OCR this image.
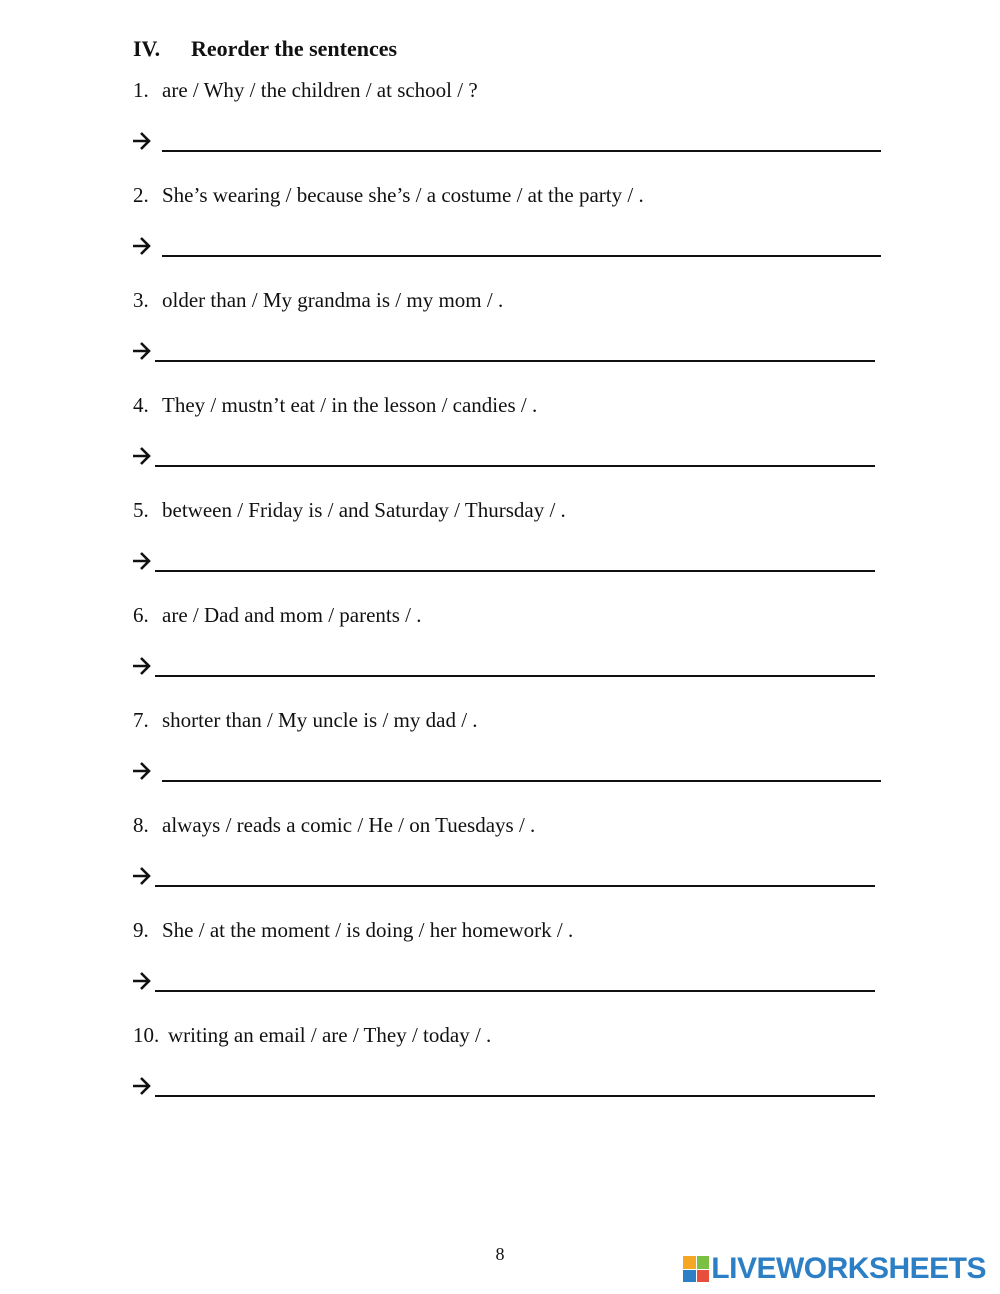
IV. Reorder the sentences
1. are / Why / the children / at school / ?
2. She’s wearing / because she’s / a costume / at the party / .
3. older than / My grandma is / my mom / .
4. They / mustn’t eat / in the lesson / candies / .
5. between / Friday is / and Saturday / Thursday / .
6. are / Dad and mom / parents / .
7. shorter than / My uncle is / my dad / .
8. always / reads a comic / He / on Tuesdays / .
9. She / at the moment / is doing / her homework / .
10. writing an email / are / They / today / .
8	LIVEWORKSHEETS
